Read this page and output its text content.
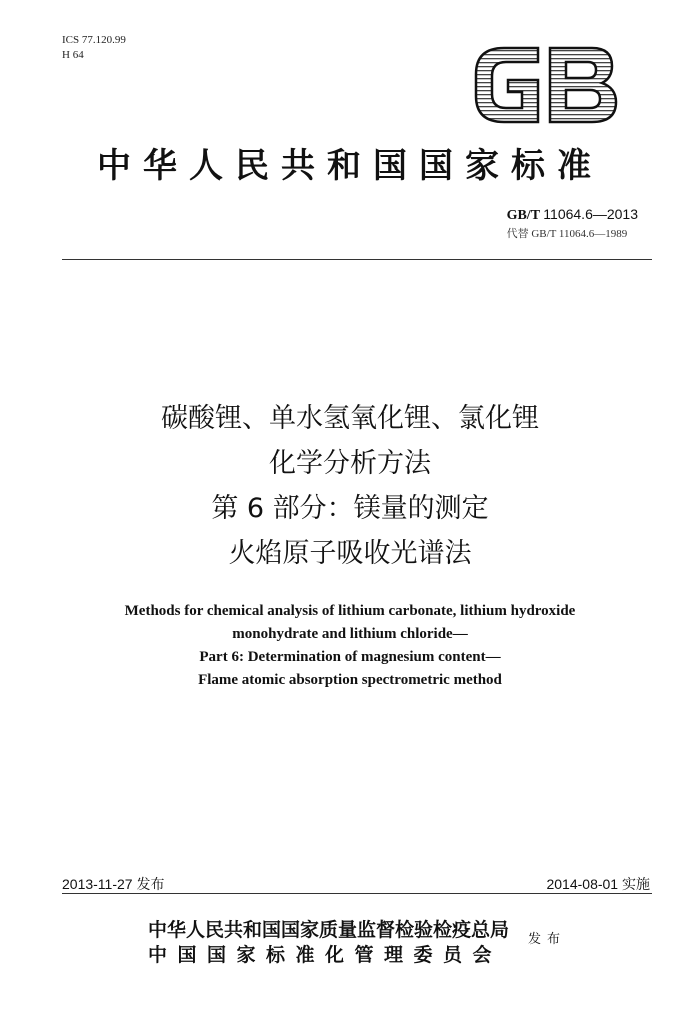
ICS 77.120.99
H 64
中华人民共和国国家标准
GB/T 11064.6—2013
代替 GB/T 11064.6—1989
碳酸锂、单水氢氧化锂、氯化锂
化学分析方法
第 6 部分：镁量的测定
火焰原子吸收光谱法
Methods for chemical analysis of lithium carbonate, lithium hydroxide
monohydrate and lithium chloride—
Part 6: Determination of magnesium content—
Flame atomic absorption spectrometric method
2013-11-27 发布	2014-08-01 实施
中华人民共和国国家质量监督检验检疫总局
中国国家标准化管理委员会
发布
